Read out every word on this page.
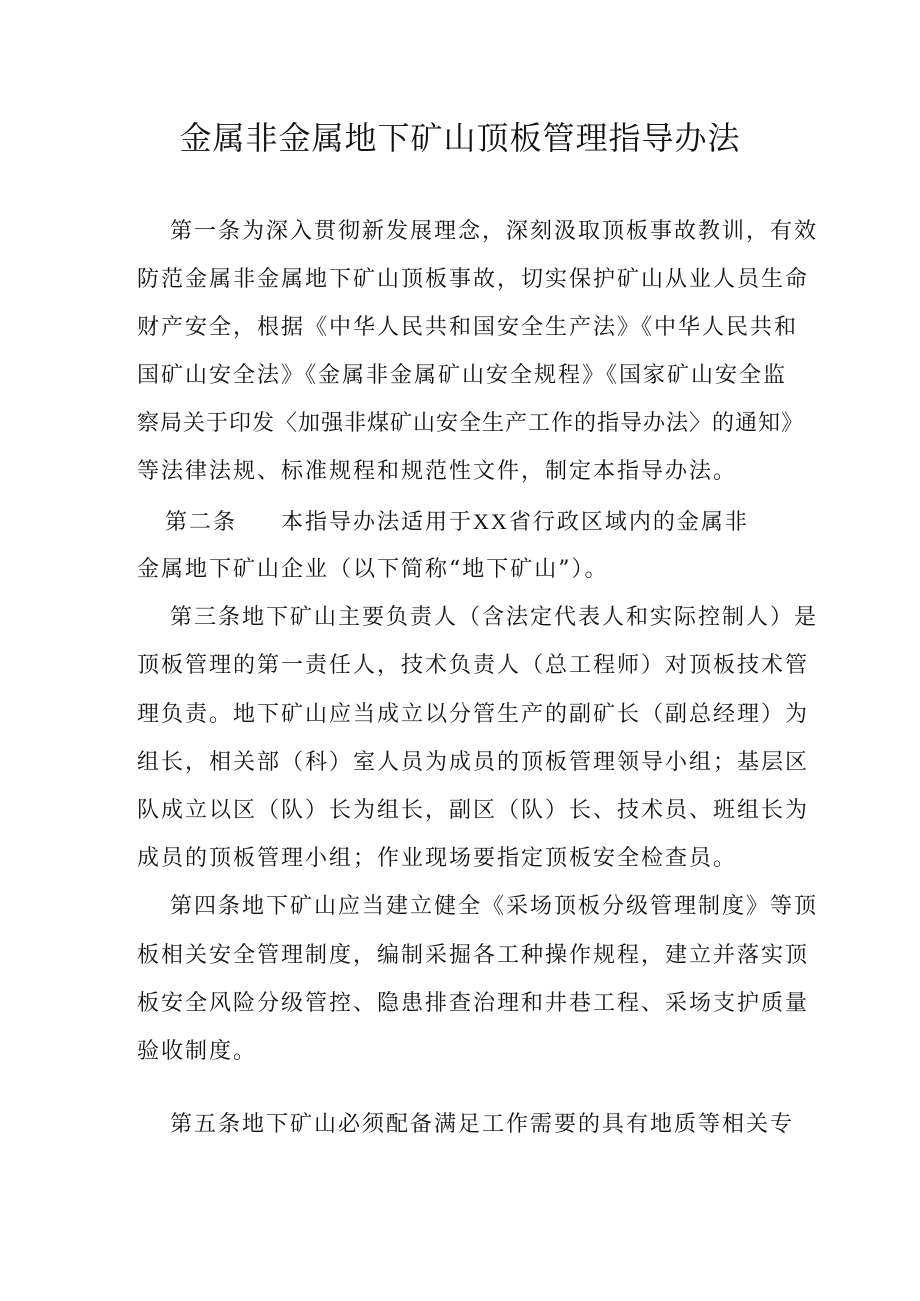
金属非金属地下矿山顶板管理指导办法
第一条为深入贯彻新发展理念，深刻汲取顶板事故教训，有效
防范金属非金属地下矿山顶板事故，切实保护矿山从业人员生命
财产安全，根据《中华人民共和国安全生产法》《中华人民共和
国矿山安全法》《金属非金属矿山安全规程》《国家矿山安全监
察局关于印发〈加强非煤矿山安全生产工作的指导办法〉的通知》
等法律法规、标准规程和规范性文件，制定本指导办法。
第二条 本指导办法适用于XX省行政区域内的金属非
金属地下矿山企业（以下简称“地下矿山”）。
第三条地下矿山主要负责人（含法定代表人和实际控制人）是
顶板管理的第一责任人，技术负责人（总工程师）对顶板技术管
理负责。地下矿山应当成立以分管生产的副矿长（副总经理）为
组长，相关部（科）室人员为成员的顶板管理领导小组；基层区
队成立以区（队）长为组长，副区（队）长、技术员、班组长为
成员的顶板管理小组；作业现场要指定顶板安全检查员。
第四条地下矿山应当建立健全《采场顶板分级管理制度》等顶
板相关安全管理制度，编制采掘各工种操作规程，建立并落实顶
板安全风险分级管控、隐患排查治理和井巷工程、采场支护质量
验收制度。
第五条地下矿山必须配备满足工作需要的具有地质等相关专
